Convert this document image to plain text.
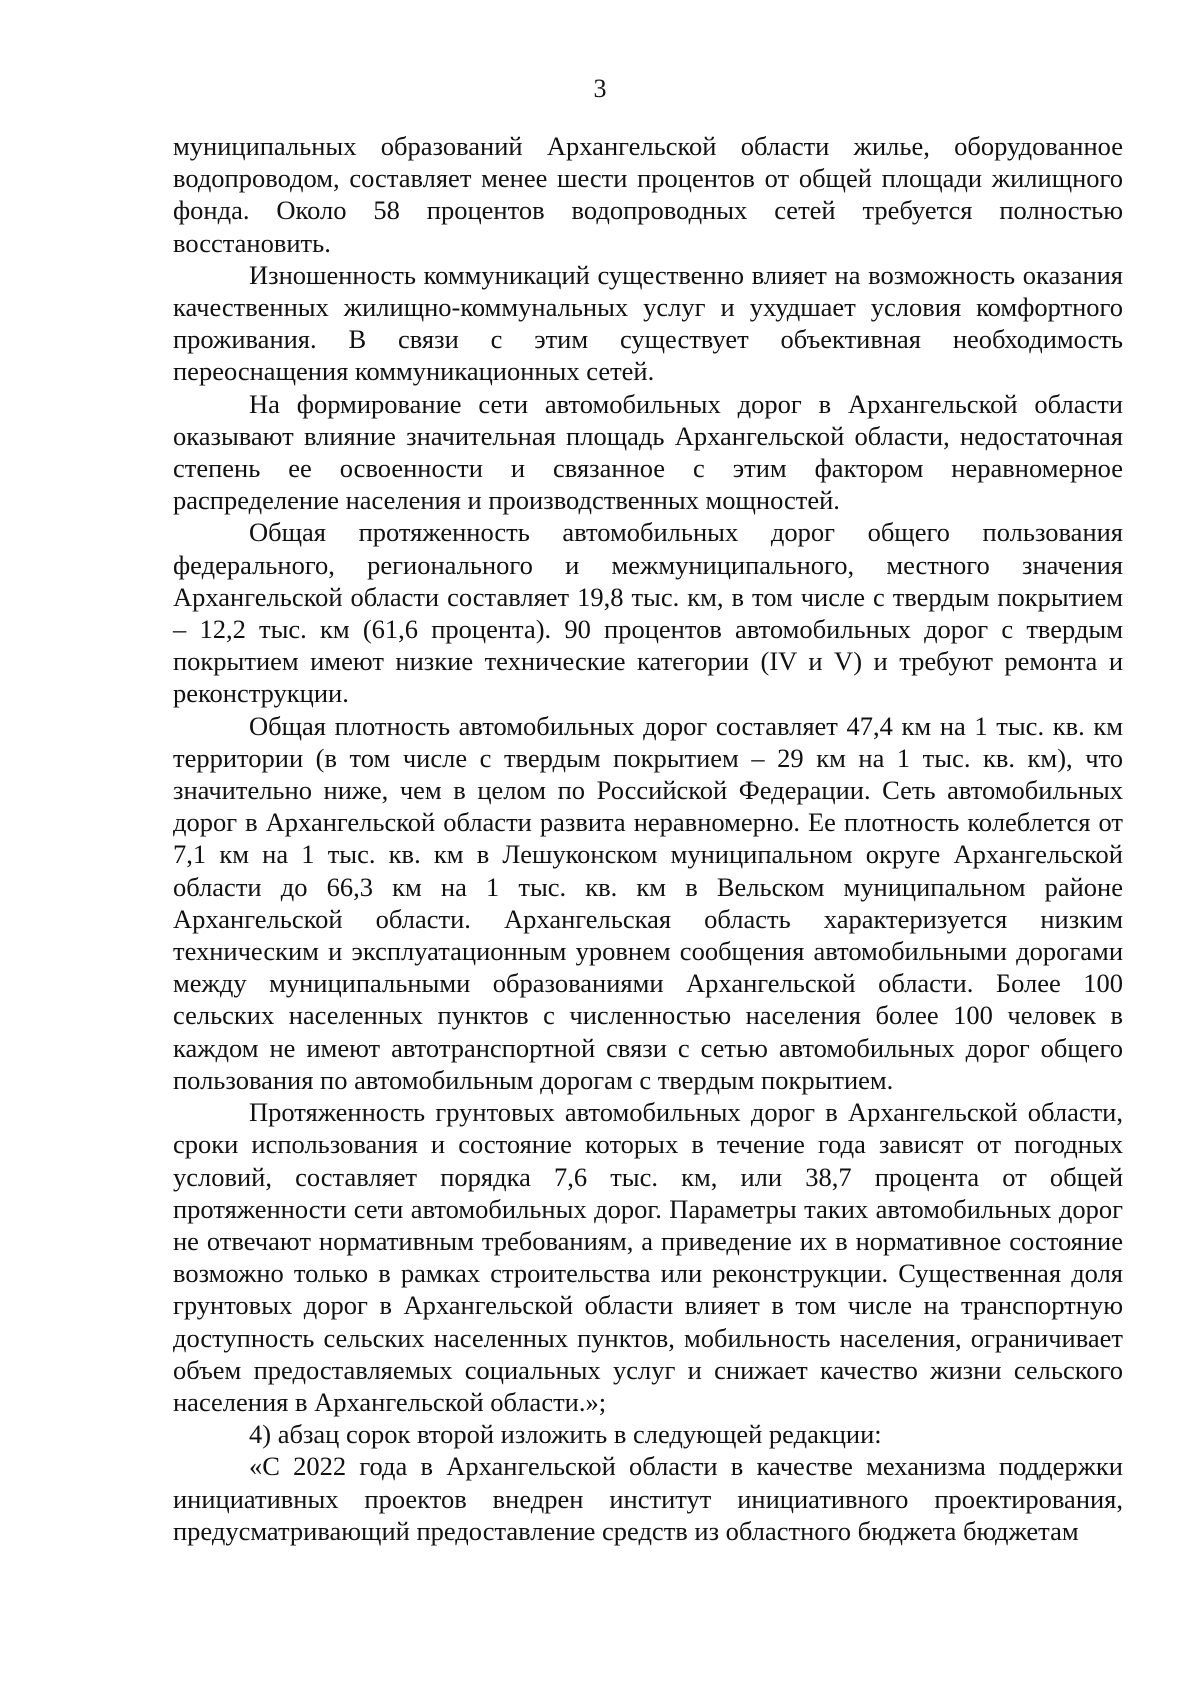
3

муниципальных образований Архангельской области жилье, оборудованное водопроводом, составляет менее шести процентов от общей площади жилищного фонда. Около 58 процентов водопроводных сетей требуется полностью восстановить.

Изношенность коммуникаций существенно влияет на возможность оказания качественных жилищно-коммунальных услуг и ухудшает условия комфортного проживания. В связи с этим существует объективная необходимость переоснащения коммуникационных сетей.

На формирование сети автомобильных дорог в Архангельской области оказывают влияние значительная площадь Архангельской области, недостаточная степень ее освоенности и связанное с этим фактором неравномерное распределение населения и производственных мощностей.

Общая протяженность автомобильных дорог общего пользования федерального, регионального и межмуниципального, местного значения Архангельской области составляет 19,8 тыс. км, в том числе с твердым покрытием – 12,2 тыс. км (61,6 процента). 90 процентов автомобильных дорог с твердым покрытием имеют низкие технические категории (IV и V) и требуют ремонта и реконструкции.

Общая плотность автомобильных дорог составляет 47,4 км на 1 тыс. кв. км территории (в том числе с твердым покрытием – 29 км на 1 тыс. кв. км), что значительно ниже, чем в целом по Российской Федерации. Сеть автомобильных дорог в Архангельской области развита неравномерно. Ее плотность колеблется от 7,1 км на 1 тыс. кв. км в Лешуконском муниципальном округе Архангельской области до 66,3 км на 1 тыс. кв. км в Вельском муниципальном районе Архангельской области. Архангельская область характеризуется низким техническим и эксплуатационным уровнем сообщения автомобильными дорогами между муниципальными образованиями Архангельской области. Более 100 сельских населенных пунктов с численностью населения более 100 человек в каждом не имеют автотранспортной связи с сетью автомобильных дорог общего пользования по автомобильным дорогам с твердым покрытием.

Протяженность грунтовых автомобильных дорог в Архангельской области, сроки использования и состояние которых в течение года зависят от погодных условий, составляет порядка 7,6 тыс. км, или 38,7 процента от общей протяженности сети автомобильных дорог. Параметры таких автомобильных дорог не отвечают нормативным требованиям, а приведение их в нормативное состояние возможно только в рамках строительства или реконструкции. Существенная доля грунтовых дорог в Архангельской области влияет в том числе на транспортную доступность сельских населенных пунктов, мобильность населения, ограничивает объем предоставляемых социальных услуг и снижает качество жизни сельского населения в Архангельской области.»;

4) абзац сорок второй изложить в следующей редакции:

«С 2022 года в Архангельской области в качестве механизма поддержки инициативных проектов внедрен институт инициативного проектирования, предусматривающий предоставление средств из областного бюджета бюджетам
